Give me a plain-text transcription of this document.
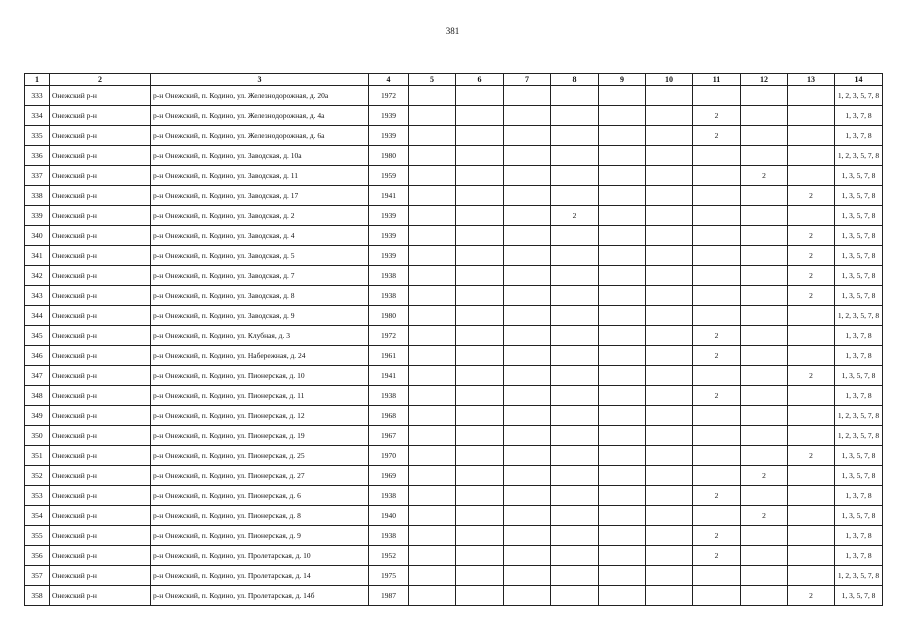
381
1	2	3	4	5	6	7	8	9	10	11	12	13	14
333	Онежский р-н	р-н Онежский, п. Кодино, ул. Железнодорожная, д. 20а	1972										1, 2, 3, 5, 7, 8
334	Онежский р-н	р-н Онежский, п. Кодино, ул. Железнодорожная, д. 4а	1939							2			1, 3, 7, 8
335	Онежский р-н	р-н Онежский, п. Кодино, ул. Железнодорожная, д. 6а	1939							2			1, 3, 7, 8
336	Онежский р-н	р-н Онежский, п. Кодино, ул. Заводская, д. 10а	1980										1, 2, 3, 5, 7, 8
337	Онежский р-н	р-н Онежский, п. Кодино, ул. Заводская, д. 11	1959								2		1, 3, 5, 7, 8
338	Онежский р-н	р-н Онежский, п. Кодино, ул. Заводская, д. 17	1941									2	1, 3, 5, 7, 8
339	Онежский р-н	р-н Онежский, п. Кодино, ул. Заводская, д. 2	1939				2						1, 3, 5, 7, 8
340	Онежский р-н	р-н Онежский, п. Кодино, ул. Заводская, д. 4	1939									2	1, 3, 5, 7, 8
341	Онежский р-н	р-н Онежский, п. Кодино, ул. Заводская, д. 5	1939									2	1, 3, 5, 7, 8
342	Онежский р-н	р-н Онежский, п. Кодино, ул. Заводская, д. 7	1938									2	1, 3, 5, 7, 8
343	Онежский р-н	р-н Онежский, п. Кодино, ул. Заводская, д. 8	1938									2	1, 3, 5, 7, 8
344	Онежский р-н	р-н Онежский, п. Кодино, ул. Заводская, д. 9	1980										1, 2, 3, 5, 7, 8
345	Онежский р-н	р-н Онежский, п. Кодино, ул. Клубная, д. 3	1972							2			1, 3, 7, 8
346	Онежский р-н	р-н Онежский, п. Кодино, ул. Набережная, д. 24	1961							2			1, 3, 7, 8
347	Онежский р-н	р-н Онежский, п. Кодино, ул. Пионерская, д. 10	1941									2	1, 3, 5, 7, 8
348	Онежский р-н	р-н Онежский, п. Кодино, ул. Пионерская, д. 11	1938							2			1, 3, 7, 8
349	Онежский р-н	р-н Онежский, п. Кодино, ул. Пионерская, д. 12	1968										1, 2, 3, 5, 7, 8
350	Онежский р-н	р-н Онежский, п. Кодино, ул. Пионерская, д. 19	1967										1, 2, 3, 5, 7, 8
351	Онежский р-н	р-н Онежский, п. Кодино, ул. Пионерская, д. 25	1970									2	1, 3, 5, 7, 8
352	Онежский р-н	р-н Онежский, п. Кодино, ул. Пионерская, д. 27	1969								2		1, 3, 5, 7, 8
353	Онежский р-н	р-н Онежский, п. Кодино, ул. Пионерская, д. 6	1938							2			1, 3, 7, 8
354	Онежский р-н	р-н Онежский, п. Кодино, ул. Пионерская, д. 8	1940								2		1, 3, 5, 7, 8
355	Онежский р-н	р-н Онежский, п. Кодино, ул. Пионерская, д. 9	1938							2			1, 3, 7, 8
356	Онежский р-н	р-н Онежский, п. Кодино, ул. Пролетарская, д. 10	1952							2			1, 3, 7, 8
357	Онежский р-н	р-н Онежский, п. Кодино, ул. Пролетарская, д. 14	1975										1, 2, 3, 5, 7, 8
358	Онежский р-н	р-н Онежский, п. Кодино, ул. Пролетарская, д. 14б	1987									2	1, 3, 5, 7, 8
